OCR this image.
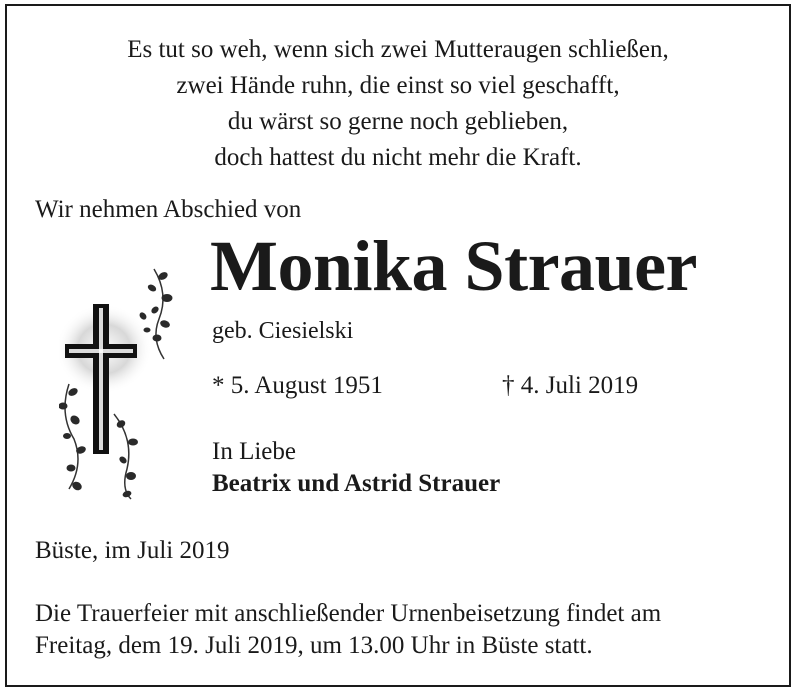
Es tut so weh, wenn sich zwei Mutteraugen schließen,
zwei Hände ruhn, die einst so viel geschafft,
du wärst so gerne noch geblieben,
doch hattest du nicht mehr die Kraft.
Wir nehmen Abschied von
Monika Strauer
geb. Ciesielski
* 5. August 1951	† 4. Juli 2019
In Liebe
Beatrix und Astrid Strauer
Büste, im Juli 2019
Die Trauerfeier mit anschließender Urnenbeisetzung findet am
Freitag, dem 19. Juli 2019, um 13.00 Uhr in Büste statt.
